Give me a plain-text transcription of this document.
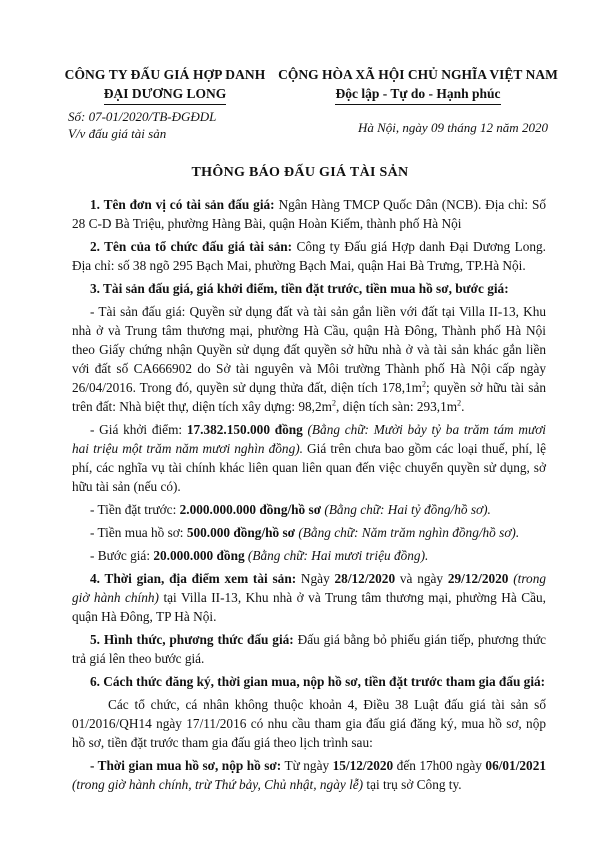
CÔNG TY ĐẤU GIÁ HỢP DANH
ĐẠI DƯƠNG LONG
CỘNG HÒA XÃ HỘI CHỦ NGHĨA VIỆT NAM
Độc lập - Tự do - Hạnh phúc
Số: 07-01/2020/TB-ĐGĐDL
V/v đấu giá tài sản	Hà Nội, ngày 09 tháng 12 năm 2020
THÔNG BÁO ĐẤU GIÁ TÀI SẢN

1. Tên đơn vị có tài sản đấu giá: Ngân Hàng TMCP Quốc Dân (NCB). Địa chỉ: Số 28 C-D Bà Triệu, phường Hàng Bài, quận Hoàn Kiếm, thành phố Hà Nội

2. Tên của tổ chức đấu giá tài sản: Công ty Đấu giá Hợp danh Đại Dương Long. Địa chỉ: số 38 ngõ 295 Bạch Mai, phường Bạch Mai, quận Hai Bà Trưng, TP.Hà Nội.

3. Tài sản đấu giá, giá khởi điểm, tiền đặt trước, tiền mua hồ sơ, bước giá:

- Tài sản đấu giá: Quyền sử dụng đất và tài sản gắn liền với đất tại Villa II-13, Khu nhà ở và Trung tâm thương mại, phường Hà Cầu, quận Hà Đông, Thành phố Hà Nội theo Giấy chứng nhận Quyền sử dụng đất quyền sở hữu nhà ở và tài sản khác gắn liền với đất số CA666902 do Sở tài nguyên và Môi trường Thành phố Hà Nội cấp ngày 26/04/2016. Trong đó, quyền sử dụng thửa đất, diện tích $178,1m^2$; quyền sở hữu tài sản trên đất: Nhà biệt thự, diện tích xây dựng: $98,2m^2$, diện tích sàn: $293,1m^2$.

- Giá khởi điểm: 17.382.150.000 đồng (Bằng chữ: Mười bảy tỷ ba trăm tám mươi hai triệu một trăm năm mươi nghìn đồng). Giá trên chưa bao gồm các loại thuế, phí, lệ phí, các nghĩa vụ tài chính khác liên quan liên quan đến việc chuyển quyền sử dụng, sở hữu tài sản (nếu có).

- Tiền đặt trước: 2.000.000.000 đồng/hồ sơ (Bằng chữ: Hai tỷ đồng/hồ sơ).

- Tiền mua hồ sơ: 500.000 đồng/hồ sơ (Bằng chữ: Năm trăm nghìn đồng/hồ sơ).

- Bước giá: 20.000.000 đồng (Bằng chữ: Hai mươi triệu đồng).

4. Thời gian, địa điểm xem tài sản: Ngày 28/12/2020 và ngày 29/12/2020 (trong giờ hành chính) tại Villa II-13, Khu nhà ở và Trung tâm thương mại, phường Hà Cầu, quận Hà Đông, TP Hà Nội.

5. Hình thức, phương thức đấu giá: Đấu giá bằng bỏ phiếu gián tiếp, phương thức trả giá lên theo bước giá.

6. Cách thức đăng ký, thời gian mua, nộp hồ sơ, tiền đặt trước tham gia đấu giá:

Các tổ chức, cá nhân không thuộc khoản 4, Điều 38 Luật đấu giá tài sản số 01/2016/QH14 ngày 17/11/2016 có nhu cầu tham gia đấu giá đăng ký, mua hồ sơ, nộp hồ sơ, tiền đặt trước tham gia đấu giá theo lịch trình sau:

- Thời gian mua hồ sơ, nộp hồ sơ: Từ ngày 15/12/2020 đến 17h00 ngày 06/01/2021 (trong giờ hành chính, trừ Thứ bảy, Chủ nhật, ngày lễ) tại trụ sở Công ty.
